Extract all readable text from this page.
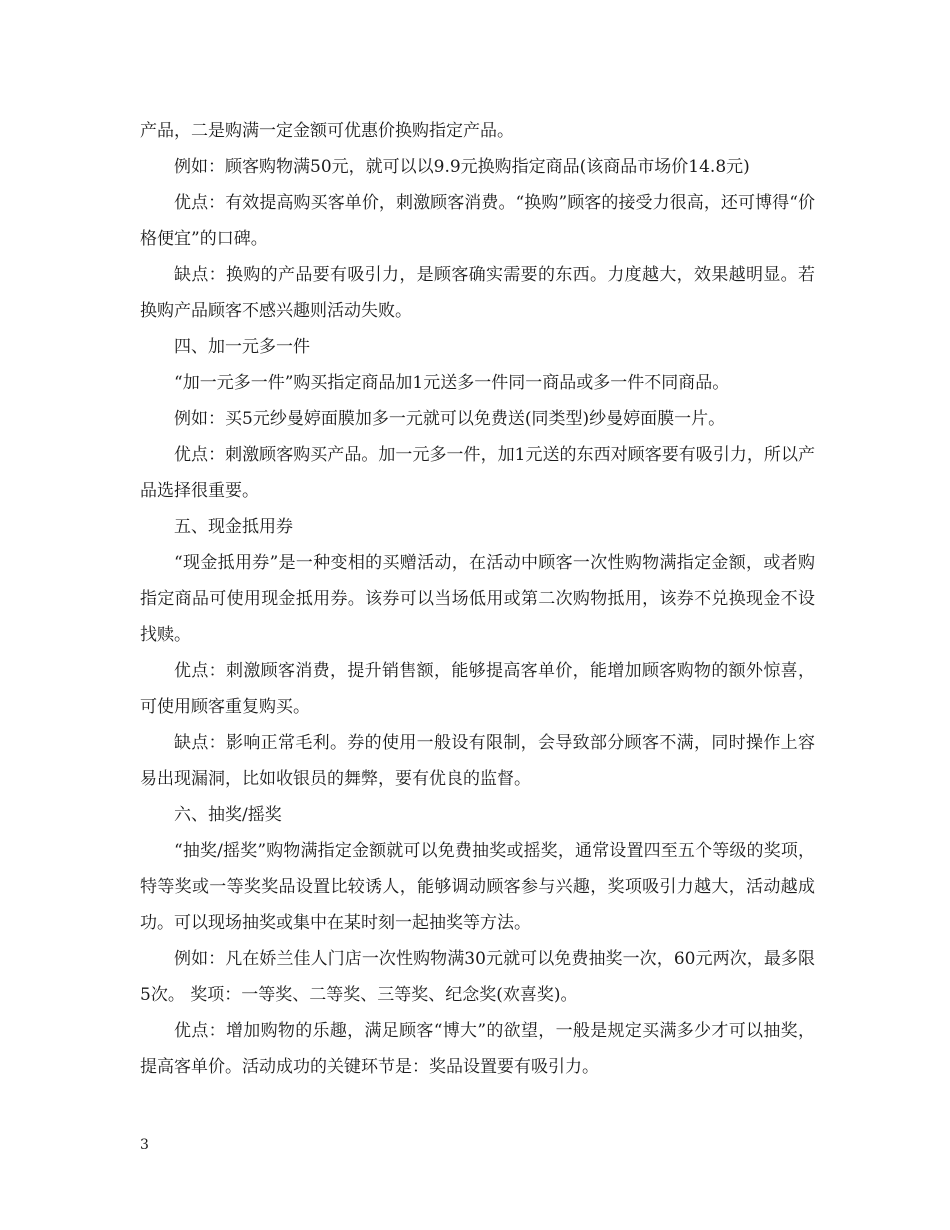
产品，二是购满一定金额可优惠价换购指定产品。

例如：顾客购物满50元，就可以以9.9元换购指定商品(该商品市场价14.8元)

优点：有效提高购买客单价，刺激顾客消费。“换购”顾客的接受力很高，还可博得“价格便宜”的口碑。

缺点：换购的产品要有吸引力，是顾客确实需要的东西。力度越大，效果越明显。若换购产品顾客不感兴趣则活动失败。

四、加一元多一件

“加一元多一件”购买指定商品加1元送多一件同一商品或多一件不同商品。

例如：买5元纱曼婷面膜加多一元就可以免费送(同类型)纱曼婷面膜一片。

优点：刺激顾客购买产品。加一元多一件，加1元送的东西对顾客要有吸引力，所以产品选择很重要。

五、现金抵用券

“现金抵用券”是一种变相的买赠活动，在活动中顾客一次性购物满指定金额，或者购指定商品可使用现金抵用券。该券可以当场低用或第二次购物抵用，该券不兑换现金不设找赎。

优点：刺激顾客消费，提升销售额，能够提高客单价，能增加顾客购物的额外惊喜，可使用顾客重复购买。

缺点：影响正常毛利。券的使用一般设有限制，会导致部分顾客不满，同时操作上容易出现漏洞，比如收银员的舞弊，要有优良的监督。

六、抽奖/摇奖

“抽奖/摇奖”购物满指定金额就可以免费抽奖或摇奖，通常设置四至五个等级的奖项，特等奖或一等奖奖品设置比较诱人，能够调动顾客参与兴趣，奖项吸引力越大，活动越成功。可以现场抽奖或集中在某时刻一起抽奖等方法。

例如：凡在娇兰佳人门店一次性购物满30元就可以免费抽奖一次，60元两次，最多限5次。 奖项：一等奖、二等奖、三等奖、纪念奖(欢喜奖)。

优点：增加购物的乐趣，满足顾客“博大”的欲望，一般是规定买满多少才可以抽奖，提高客单价。活动成功的关键环节是：奖品设置要有吸引力。

3
